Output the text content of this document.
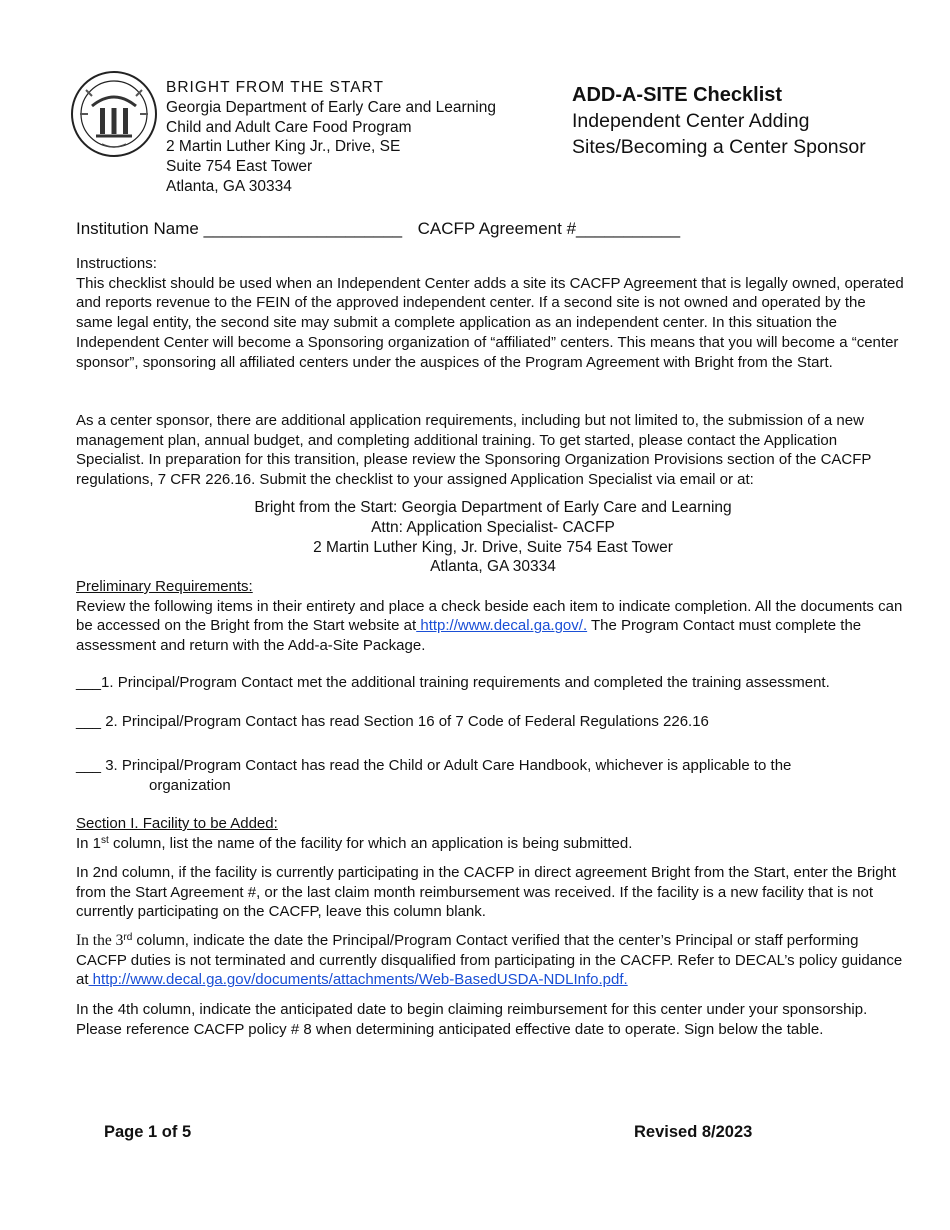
BRIGHT FROM THE START
Georgia Department of Early Care and Learning
Child and Adult Care Food Program
2 Martin Luther King Jr., Drive, SE
Suite 754 East Tower
Atlanta, GA 30334
ADD-A-SITE Checklist
Independent Center Adding
Sites/Becoming a Center Sponsor
Institution Name _____________________ CACFP Agreement #___________
Instructions:
This checklist should be used when an Independent Center adds a site its CACFP Agreement that is legally owned, operated and reports revenue to the FEIN of the approved independent center. If a second site is not owned and operated by the same legal entity, the second site may submit a complete application as an independent center. In this situation the Independent Center will become a Sponsoring organization of “affiliated” centers. This means that you will become a “center sponsor”, sponsoring all affiliated centers under the auspices of the Program Agreement with Bright from the Start.
As a center sponsor, there are additional application requirements, including but not limited to, the submission of a new management plan, annual budget, and completing additional training. To get started, please contact the Application Specialist. In preparation for this transition, please review the Sponsoring Organization Provisions section of the CACFP regulations, 7 CFR 226.16. Submit the checklist to your assigned Application Specialist via email or at:
Bright from the Start: Georgia Department of Early Care and Learning
Attn: Application Specialist- CACFP
2 Martin Luther King, Jr. Drive, Suite 754 East Tower
Atlanta, GA 30334
Preliminary Requirements:
Review the following items in their entirety and place a check beside each item to indicate completion. All the documents can be accessed on the Bright from the Start website at http://www.decal.ga.gov/. The Program Contact must complete the assessment and return with the Add-a-Site Package.
___1. Principal/Program Contact met the additional training requirements and completed the training assessment.
___ 2. Principal/Program Contact has read Section 16 of 7 Code of Federal Regulations 226.16
___ 3. Principal/Program Contact has read the Child or Adult Care Handbook, whichever is applicable to the
organization
Section I. Facility to be Added:
In 1st column, list the name of the facility for which an application is being submitted.
In 2nd column, if the facility is currently participating in the CACFP in direct agreement Bright from the Start, enter the Bright from the Start Agreement #, or the last claim month reimbursement was received. If the facility is a new facility that is not currently participating on the CACFP, leave this column blank.
In the 3rd column, indicate the date the Principal/Program Contact verified that the center’s Principal or staff performing CACFP duties is not terminated and currently disqualified from participating in the CACFP. Refer to DECAL’s policy guidance at http://www.decal.ga.gov/documents/attachments/Web-BasedUSDA-NDLInfo.pdf.
In the 4th column, indicate the anticipated date to begin claiming reimbursement for this center under your sponsorship. Please reference CACFP policy # 8 when determining anticipated effective date to operate. Sign below the table.
Page 1 of 5	Revised 8/2023
